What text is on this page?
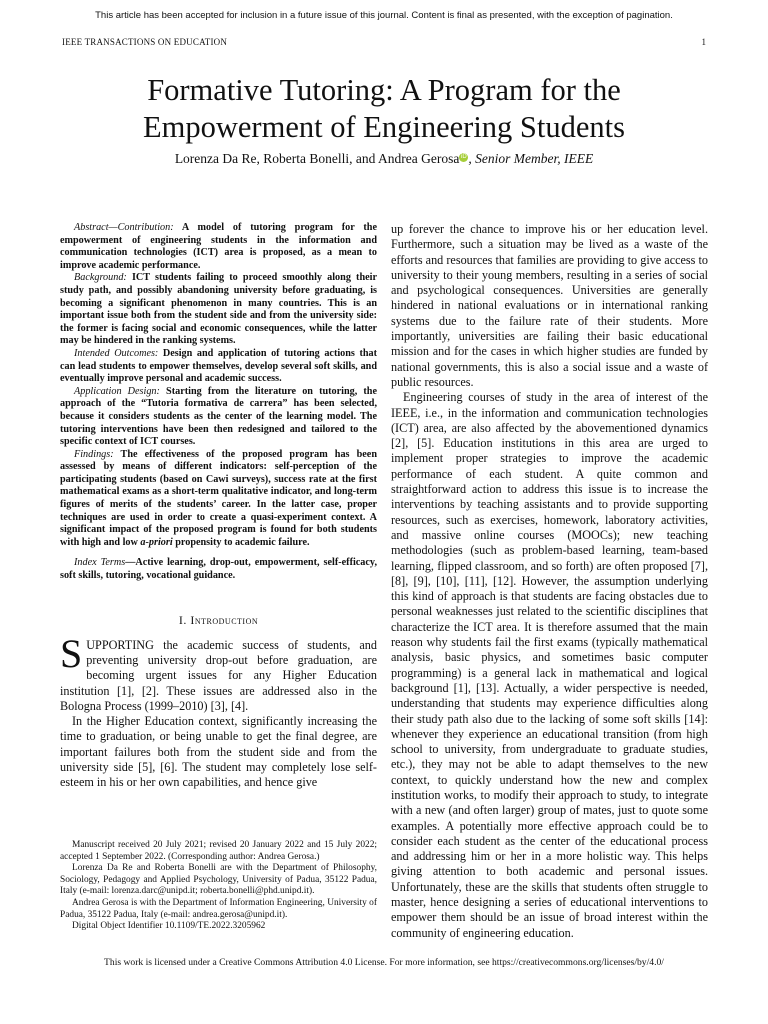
This article has been accepted for inclusion in a future issue of this journal. Content is final as presented, with the exception of pagination.
IEEE TRANSACTIONS ON EDUCATION	1
Formative Tutoring: A Program for the
Empowerment of Engineering Students
Lorenza Da Re, Roberta Bonelli, and Andrea Gerosa iD , Senior Member, IEEE

Abstract—Contribution: A model of tutoring program for the empowerment of engineering students in the information and communication technologies (ICT) area is proposed, as a mean to improve academic performance.

Background: ICT students failing to proceed smoothly along their study path, and possibly abandoning university before graduating, is becoming a significant phenomenon in many countries. This is an important issue both from the student side and from the university side: the former is facing social and economic consequences, while the latter may be hindered in the ranking systems.

Intended Outcomes: Design and application of tutoring actions that can lead students to empower themselves, develop several soft skills, and eventually improve personal and academic success.

Application Design: Starting from the literature on tutoring, the approach of the “Tutoria formativa de carrera” has been selected, because it considers students as the center of the learning model. The tutoring interventions have been then redesigned and tailored to the specific context of ICT courses.

Findings: The effectiveness of the proposed program has been assessed by means of different indicators: self-perception of the participating students (based on Cawi surveys), success rate at the first mathematical exams as a short-term qualitative indicator, and long-term figures of merits of the students’ career. In the latter case, proper techniques are used in order to create a quasi-experiment context. A significant impact of the proposed program is found for both students with high and low a-priori propensity to academic failure.

Index Terms—Active learning, drop-out, empowerment, self-efficacy, soft skills, tutoring, vocational guidance.

I. Introduction

SUPPORTING the academic success of students, and preventing university drop-out before graduation, are becoming urgent issues for any Higher Education institution [1], [2]. These issues are addressed also in the Bologna Process (1999–2010) [3], [4].

In the Higher Education context, significantly increasing the time to graduation, or being unable to get the final degree, are important failures both from the student side and from the university side [5], [6]. The student may completely lose self-esteem in his or her own capabilities, and hence give

Manuscript received 20 July 2021; revised 20 January 2022 and 15 July 2022; accepted 1 September 2022. (Corresponding author: Andrea Gerosa.)

Lorenza Da Re and Roberta Bonelli are with the Department of Philosophy, Sociology, Pedagogy and Applied Psychology, University of Padua, 35122 Padua, Italy (e-mail: lorenza.darc@unipd.it; roberta.bonelli@phd.unipd.it).

Andrea Gerosa is with the Department of Information Engineering, University of Padua, 35122 Padua, Italy (e-mail: andrea.gerosa@unipd.it).

Digital Object Identifier 10.1109/TE.2022.3205962

up forever the chance to improve his or her education level. Furthermore, such a situation may be lived as a waste of the efforts and resources that families are providing to give access to university to their young members, resulting in a series of social and psychological consequences. Universities are generally hindered in national evaluations or in international ranking systems due to the failure rate of their students. More importantly, universities are failing their basic educational mission and for the cases in which higher studies are funded by national governments, this is also a social issue and a waste of public resources.

Engineering courses of study in the area of interest of the IEEE, i.e., in the information and communication technologies (ICT) area, are also affected by the abovementioned dynamics [2], [5]. Education institutions in this area are urged to implement proper strategies to improve the academic performance of each student. A quite common and straightforward action to address this issue is to increase the interventions by teaching assistants and to provide supporting resources, such as exercises, homework, laboratory activities, and massive online courses (MOOCs); new teaching methodologies (such as problem-based learning, team-based learning, flipped classroom, and so forth) are often proposed [7], [8], [9], [10], [11], [12]. However, the assumption underlying this kind of approach is that students are facing obstacles due to personal weaknesses just related to the scientific disciplines that characterize the ICT area. It is therefore assumed that the main reason why students fail the first exams (typically mathematical analysis, basic physics, and sometimes basic computer programming) is a general lack in mathematical and logical background [1], [13]. Actually, a wider perspective is needed, understanding that students may experience difficulties along their study path also due to the lacking of some soft skills [14]: whenever they experience an educational transition (from high school to university, from undergraduate to graduate studies, etc.), they may not be able to adapt themselves to the new context, to quickly understand how the new and complex institution works, to modify their approach to study, to integrate with a new (and often larger) group of mates, just to quote some examples. A potentially more effective approach could be to consider each student as the center of the educational process and addressing him or her in a more holistic way. This helps giving attention to both academic and personal issues. Unfortunately, these are the skills that students often struggle to master, hence designing a series of educational interventions to empower them should be an issue of broad interest within the community of engineering education.

This work is licensed under a Creative Commons Attribution 4.0 License. For more information, see https://creativecommons.org/licenses/by/4.0/
